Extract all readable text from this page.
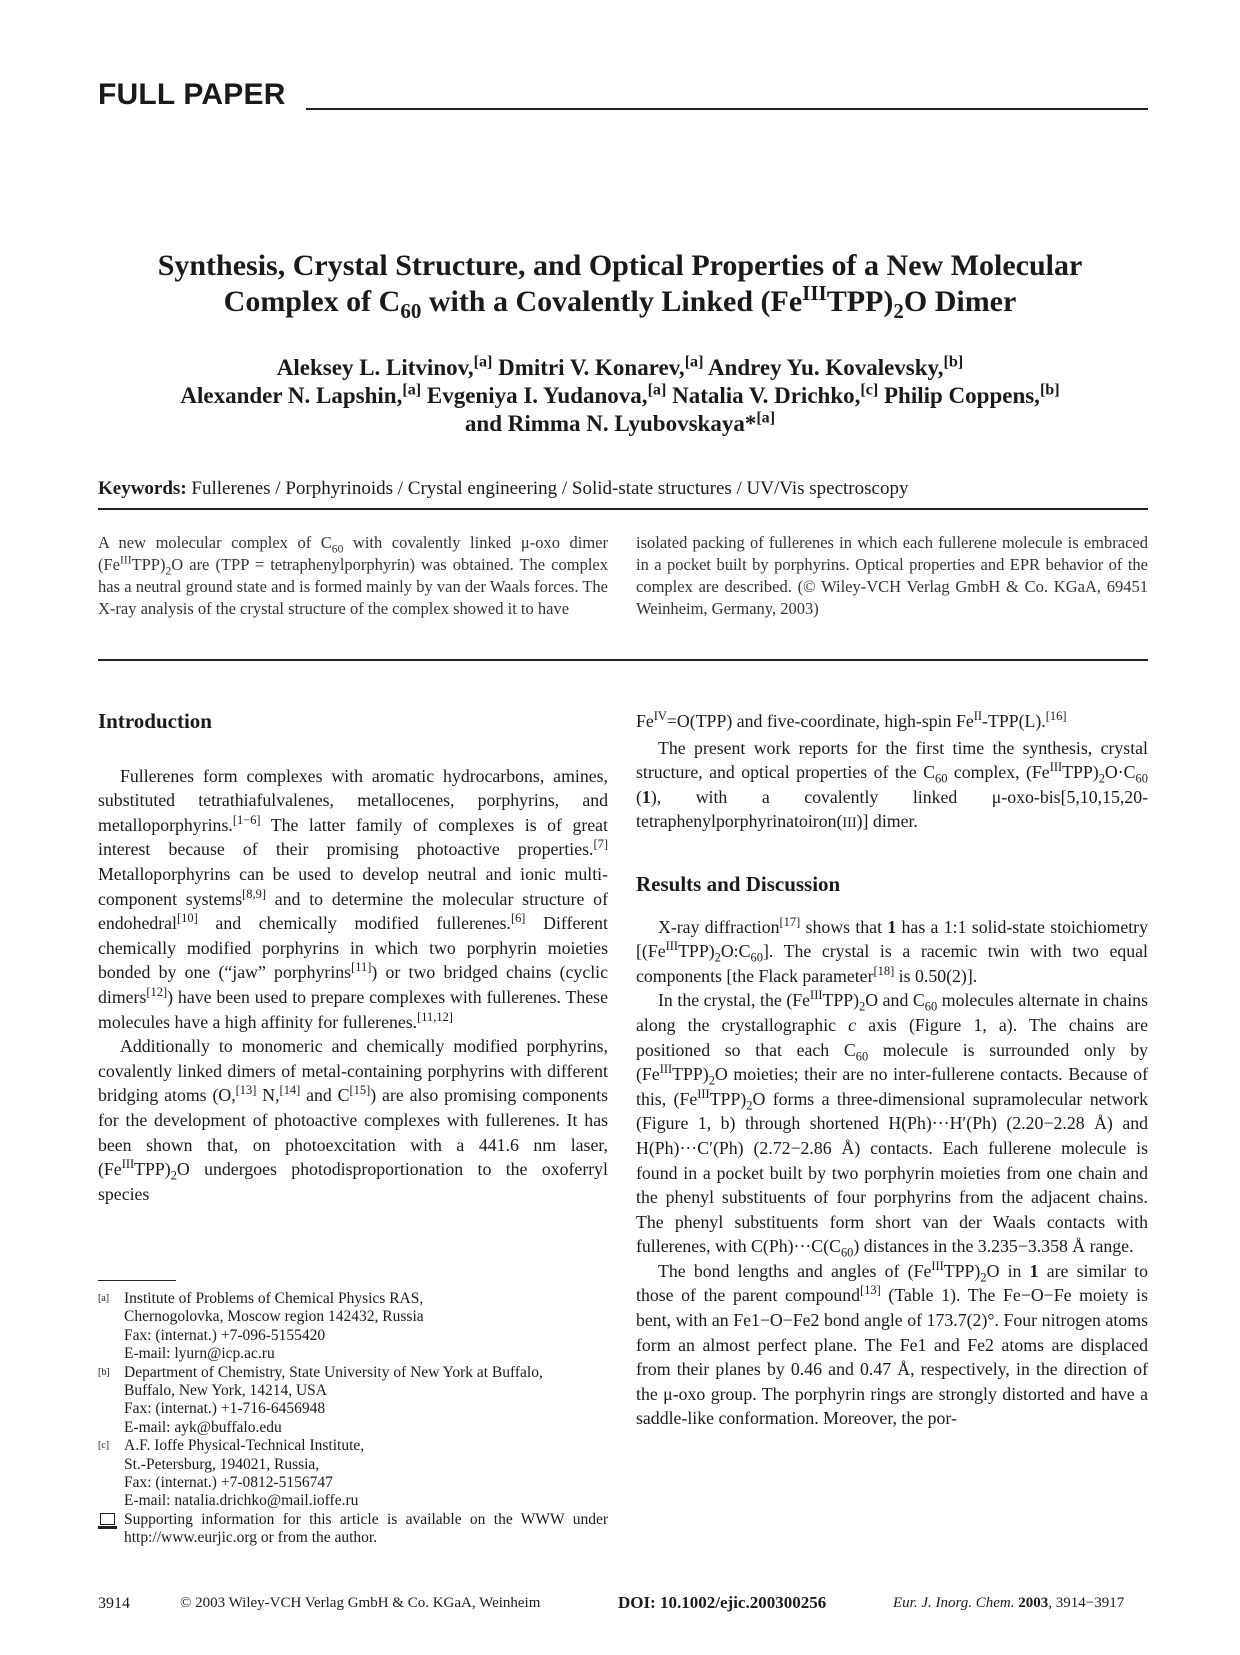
FULL PAPER
Synthesis, Crystal Structure, and Optical Properties of a New Molecular
Complex of $C_{60}$ with a Covalently Linked $(Fe^{III}TPP)_2O$ Dimer
Aleksey L. Litvinov,[a] Dmitri V. Konarev,[a] Andrey Yu. Kovalevsky,[b]
Alexander N. Lapshin,[a] Evgeniya I. Yudanova,[a] Natalia V. Drichko,[c] Philip Coppens,[b]
and Rimma N. Lyubovskaya*[a]
Keywords: Fullerenes / Porphyrinoids / Crystal engineering / Solid-state structures / UV/Vis spectroscopy
A new molecular complex of $C_{60}$ with covalently linked μ-oxo dimer $(Fe^{III}TPP)_2O$ are (TPP = tetraphenylporphyrin) was obtained. The complex has a neutral ground state and is formed mainly by van der Waals forces. The X-ray analysis of the crystal structure of the complex showed it to have
isolated packing of fullerenes in which each fullerene molecule is embraced in a pocket built by porphyrins. Optical properties and EPR behavior of the complex are described. (© Wiley-VCH Verlag GmbH & Co. KGaA, 69451 Weinheim, Germany, 2003)
Introduction

Fullerenes form complexes with aromatic hydrocarbons, amines, substituted tetrathiafulvalenes, metallocenes, porphyrins, and metalloporphyrins.[1−6] The latter family of complexes is of great interest because of their promising photoactive properties.[7] Metalloporphyrins can be used to develop neutral and ionic multi-component systems[8,9] and to determine the molecular structure of endohedral[10] and chemically modified fullerenes.[6] Different chemically modified porphyrins in which two porphyrin moieties bonded by one (“jaw” porphyrins[11]) or two bridged chains (cyclic dimers[12]) have been used to prepare complexes with fullerenes. These molecules have a high affinity for fullerenes.[11,12]

Additionally to monomeric and chemically modified porphyrins, covalently linked dimers of metal-containing porphyrins with different bridging atoms (O,[13] N,[14] and C[15]) are also promising components for the development of photoactive complexes with fullerenes. It has been shown that, on photoexcitation with a 441.6 nm laser, $(Fe^{III}TPP)_2O$ undergoes photodisproportionation to the oxoferryl species

[a] Institute of Problems of Chemical Physics RAS,
Chernogolovka, Moscow region 142432, Russia
Fax: (internat.) +7-096-5155420
E-mail: lyurn@icp.ac.ru
[b] Department of Chemistry, State University of New York at Buffalo,
Buffalo, New York, 14214, USA
Fax: (internat.) +1-716-6456948
E-mail: ayk@buffalo.edu
[c] A.F. Ioffe Physical-Technical Institute,
St.-Petersburg, 194021, Russia,
Fax: (internat.) +7-0812-5156747
E-mail: natalia.drichko@mail.ioffe.ru
Supporting information for this article is available on the WWW under http://www.eurjic.org or from the author.

$Fe^{IV}=O(TPP)$ and five-coordinate, high-spin $Fe^{II}-TPP(L).[16]$

The present work reports for the first time the synthesis, crystal structure, and optical properties of the $C_{60}$ complex, $(Fe^{III}TPP)_2O\cdot C_{60}$ (1), with a covalently linked μ-oxo-bis[5,10,15,20-tetraphenylporphyrinatoiron(III)] dimer.

Results and Discussion

X-ray diffraction[17] shows that 1 has a 1:1 solid-state stoichiometry $[(Fe^{III}TPP)_2O:C_{60}]$. The crystal is a racemic twin with two equal components [the Flack parameter[18] is 0.50(2)].

In the crystal, the $(Fe^{III}TPP)_2O$ and $C_{60}$ molecules alternate in chains along the crystallographic c axis (Figure 1, a). The chains are positioned so that each $C_{60}$ molecule is surrounded only by $(Fe^{III}TPP)_2O$ moieties; their are no inter-fullerene contacts. Because of this, $(Fe^{III}TPP)_2O$ forms a three-dimensional supramolecular network (Figure 1, b) through shortened H(Ph)···H′(Ph) (2.20−2.28 Å) and H(Ph)···C′(Ph) (2.72−2.86 Å) contacts. Each fullerene molecule is found in a pocket built by two porphyrin moieties from one chain and the phenyl substituents of four porphyrins from the adjacent chains. The phenyl substituents form short van der Waals contacts with fullerenes, with $C(Ph)\cdot\cdot\cdot C(C_{60})$ distances in the 3.235−3.358 Å range.

The bond lengths and angles of $(Fe^{III}TPP)_2O$ in 1 are similar to those of the parent compound[13] (Table 1). The Fe−O−Fe moiety is bent, with an Fe1−O−Fe2 bond angle of 173.7(2)°. Four nitrogen atoms form an almost perfect plane. The Fe1 and Fe2 atoms are displaced from their planes by 0.46 and 0.47 Å, respectively, in the direction of the μ-oxo group. The porphyrin rings are strongly distorted and have a saddle-like conformation. Moreover, the por-

3914	© 2003 Wiley-VCH Verlag GmbH & Co. KGaA, Weinheim	DOI: 10.1002/ejic.200300256	Eur. J. Inorg. Chem. 2003, 3914−3917
